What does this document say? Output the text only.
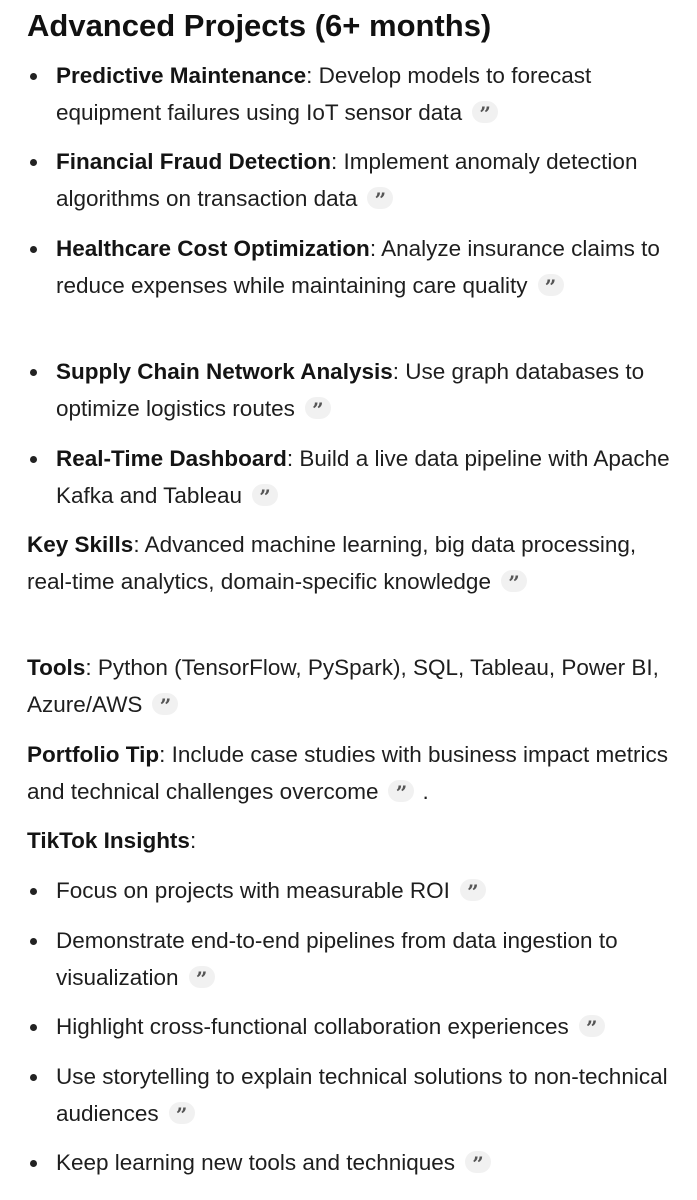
Advanced Projects (6+ months)

Predictive Maintenance: Develop models to forecast equipment failures using IoT sensor data”

Financial Fraud Detection: Implement anomaly detection algorithms on transaction data”

Healthcare Cost Optimization: Analyze insurance claims to reduce expenses while maintaining care quality”

Supply Chain Network Analysis: Use graph databases to optimize logistics routes”

Real-Time Dashboard: Build a live data pipeline with Apache Kafka and Tableau”

Key Skills: Advanced machine learning, big data processing, real-time analytics, domain-specific knowledge”

Tools: Python (TensorFlow, PySpark), SQL, Tableau, Power BI, Azure/AWS”

Portfolio Tip: Include case studies with business impact metrics and technical challenges overcome” .

TikTok Insights:

Focus on projects with measurable ROI”

Demonstrate end-to-end pipelines from data ingestion to visualization”

Highlight cross-functional collaboration experiences”

Use storytelling to explain technical solutions to non-technical audiences”

Keep learning new tools and techniques”
